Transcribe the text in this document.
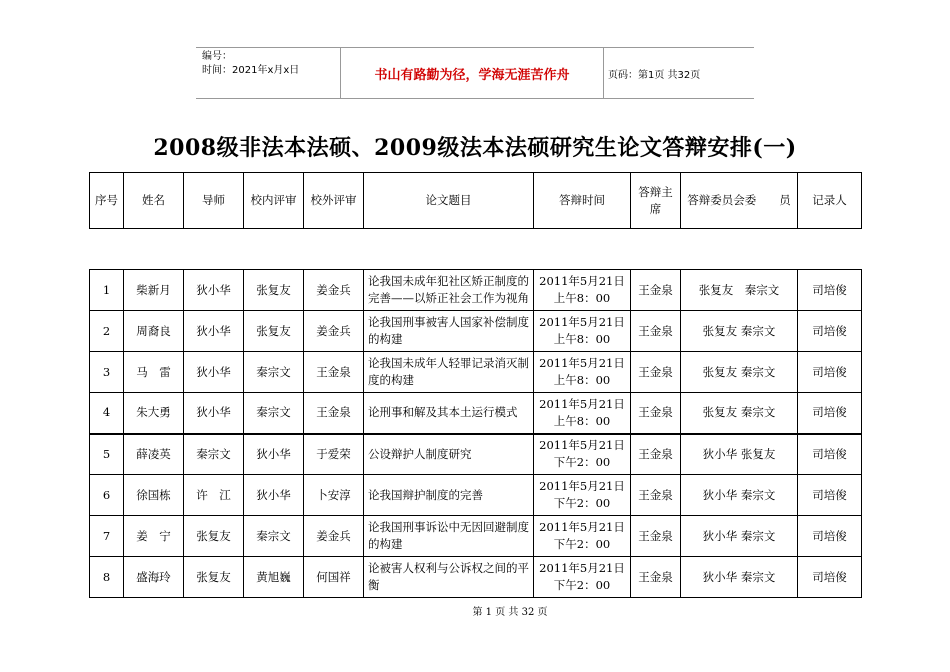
编号：
时间：2021年x月x日	书山有路勤为径，学海无涯苦作舟	页码：第1页 共32页
2008级非法本法硕、2009级法本法硕研究生论文答辩安排(一)
序号	姓名	导师	校内评审	校外评审	论文题目	答辩时间	答辩主席	答辩委员会委　　员	记录人

1	柴新月	狄小华	张复友	姜金兵	论我国未成年犯社区矫正制度的完善——以矫正社会工作为视角	2011年5月21日上午8：00	王金泉	张复友　秦宗文	司培俊
2	周裔良	狄小华	张复友	姜金兵	论我国刑事被害人国家补偿制度的构建	2011年5月21日上午8：00	王金泉	张复友 秦宗文	司培俊
3	马　雷	狄小华	秦宗文	王金泉	论我国未成年人轻罪记录消灭制度的构建	2011年5月21日上午8：00	王金泉	张复友 秦宗文	司培俊
4	朱大勇	狄小华	秦宗文	王金泉	论刑事和解及其本土运行模式	2011年5月21日上午8：00	王金泉	张复友 秦宗文	司培俊
5	薛凌英	秦宗文	狄小华	于爱荣	公设辩护人制度研究	2011年5月21日下午2：00	王金泉	狄小华 张复友	司培俊
6	徐国栋	许　江	狄小华	卜安淳	论我国辩护制度的完善	2011年5月21日下午2：00	王金泉	狄小华 秦宗文	司培俊
7	姜　宁	张复友	秦宗文	姜金兵	论我国刑事诉讼中无因回避制度的构建	2011年5月21日下午2：00	王金泉	狄小华 秦宗文	司培俊
8	盛海玲	张复友	黄旭巍	何国祥	论被害人权利与公诉权之间的平衡	2011年5月21日下午2：00	王金泉	狄小华 秦宗文	司培俊
第 1 页 共 32 页
